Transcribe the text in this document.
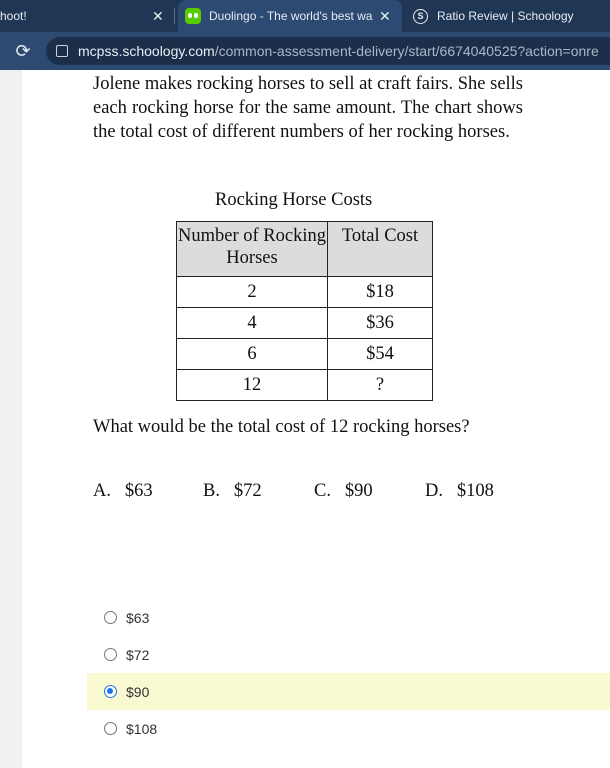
hoot!	✕	Duolingo - The world's best wa ✕	S	Ratio Review | Schoology
⟳	mcpss.schoology.com/common-assessment-delivery/start/6674040525?action=onre

Jolene makes rocking horses to sell at craft fairs. She sells each rocking horse for the same amount. The chart shows the total cost of different numbers of her rocking horses.

Rocking Horse Costs
Number of Rocking Horses	Total Cost
2	$18
4	$36
6	$54
12	?
What would be the total cost of 12 rocking horses?
A. $63	B. $72	C. $90	D. $108
$63
$72
$90
$108
